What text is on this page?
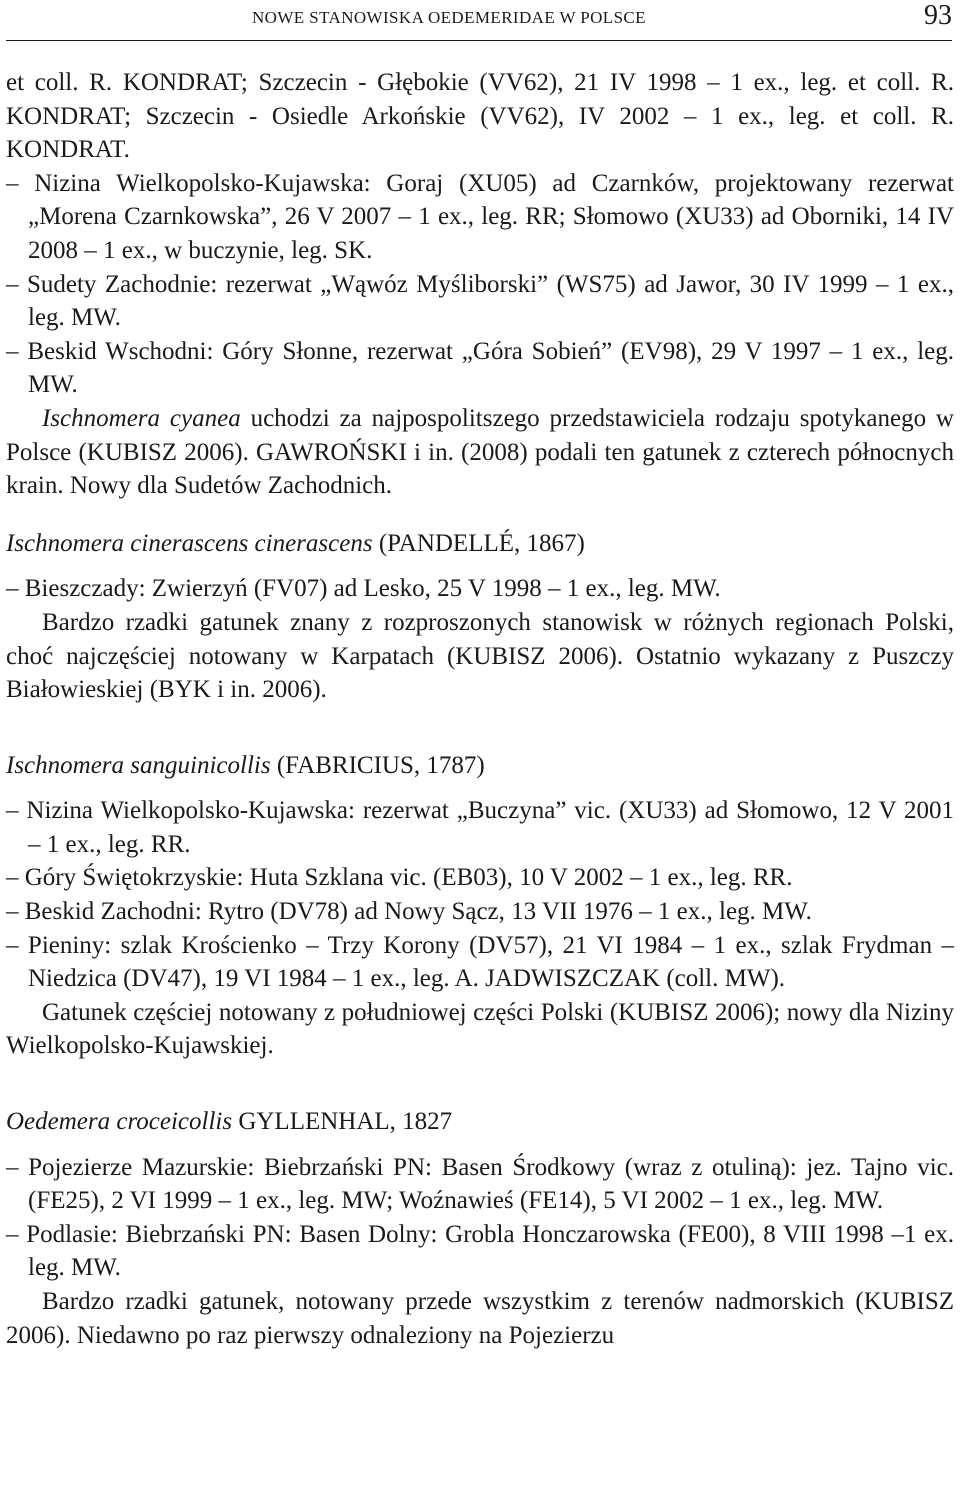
NOWE STANOWISKA OEDEMERIDAE W POLSCE	93

et coll. R. KONDRAT; Szczecin - Głębokie (VV62), 21 IV 1998 – 1 ex., leg. et coll. R. KONDRAT; Szczecin - Osiedle Arkońskie (VV62), IV 2002 – 1 ex., leg. et coll. R. KONDRAT.

– Nizina Wielkopolsko-Kujawska: Goraj (XU05) ad Czarnków, projektowany rezerwat „Morena Czarnkowska”, 26 V 2007 – 1 ex., leg. RR; Słomowo (XU33) ad Oborniki, 14 IV 2008 – 1 ex., w buczynie, leg. SK.

– Sudety Zachodnie: rezerwat „Wąwóz Myśliborski” (WS75) ad Jawor, 30 IV 1999 – 1 ex., leg. MW.

– Beskid Wschodni: Góry Słonne, rezerwat „Góra Sobień” (EV98), 29 V 1997 – 1 ex., leg. MW.

Ischnomera cyanea uchodzi za najpospolitszego przedstawiciela rodzaju spotykanego w Polsce (KUBISZ 2006). GAWROŃSKI i in. (2008) podali ten gatunek z czterech północnych krain. Nowy dla Sudetów Zachodnich.

Ischnomera cinerascens cinerascens (PANDELLÉ, 1867)

– Bieszczady: Zwierzyń (FV07) ad Lesko, 25 V 1998 – 1 ex., leg. MW.

Bardzo rzadki gatunek znany z rozproszonych stanowisk w różnych regionach Polski, choć najczęściej notowany w Karpatach (KUBISZ 2006). Ostatnio wykazany z Puszczy Białowieskiej (BYK i in. 2006).

Ischnomera sanguinicollis (FABRICIUS, 1787)

– Nizina Wielkopolsko-Kujawska: rezerwat „Buczyna” vic. (XU33) ad Słomowo, 12 V 2001 – 1 ex., leg. RR.

– Góry Świętokrzyskie: Huta Szklana vic. (EB03), 10 V 2002 – 1 ex., leg. RR.

– Beskid Zachodni: Rytro (DV78) ad Nowy Sącz, 13 VII 1976 – 1 ex., leg. MW.

– Pieniny: szlak Krościenko – Trzy Korony (DV57), 21 VI 1984 – 1 ex., szlak Frydman – Niedzica (DV47), 19 VI 1984 – 1 ex., leg. A. JADWISZCZAK (coll. MW).

Gatunek częściej notowany z południowej części Polski (KUBISZ 2006); nowy dla Niziny Wielkopolsko-Kujawskiej.

Oedemera croceicollis GYLLENHAL, 1827

– Pojezierze Mazurskie: Biebrzański PN: Basen Środkowy (wraz z otuliną): jez. Tajno vic. (FE25), 2 VI 1999 – 1 ex., leg. MW; Woźnawieś (FE14), 5 VI 2002 – 1 ex., leg. MW.

– Podlasie: Biebrzański PN: Basen Dolny: Grobla Honczarowska (FE00), 8 VIII 1998 –1 ex. leg. MW.

Bardzo rzadki gatunek, notowany przede wszystkim z terenów nadmorskich (KUBISZ 2006). Niedawno po raz pierwszy odnaleziony na Pojezierzu
